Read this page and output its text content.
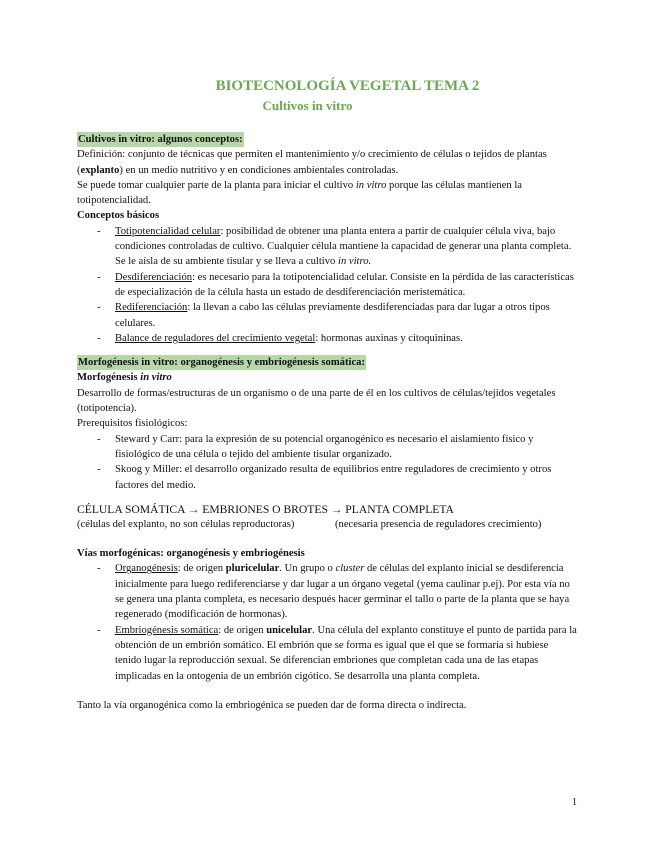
BIOTECNOLOGÍA VEGETAL TEMA 2
Cultivos in vitro

Cultivos in vitro: algunos conceptos:

Definición: conjunto de técnicas que permiten el mantenimiento y/o crecimiento de células o tejidos de plantas (explanto) en un medio nutritivo y en condiciones ambientales controladas.

Se puede tomar cualquier parte de la planta para iniciar el cultivo in vitro porque las células mantienen la totipotencialidad.

Conceptos básicos

- Totipotencialidad celular: posibilidad de obtener una planta entera a partir de cualquier célula viva, bajo condiciones controladas de cultivo. Cualquier célula mantiene la capacidad de generar una planta completa. Se le aísla de su ambiente tisular y se lleva a cultivo in vitro.
- Desdiferenciación: es necesario para la totipotencialidad celular. Consiste en la pérdida de las características de especialización de la célula hasta un estado de desdiferenciación meristemática.
- Rediferenciación: la llevan a cabo las células previamente desdiferenciadas para dar lugar a otros tipos celulares.
- Balance de reguladores del crecimiento vegetal: hormonas auxinas y citoquininas.

Morfogénesis in vitro: organogénesis y embriogénesis somática:

Morfogénesis in vitro

Desarrollo de formas/estructuras de un organismo o de una parte de él en los cultivos de células/tejidos vegetales (totipotencia).

Prerequisitos fisiológicos:

- Steward y Carr: para la expresión de su potencial organogénico es necesario el aislamiento físico y fisiológico de una célula o tejido del ambiente tisular organizado.
- Skoog y Miller: el desarrollo organizado resulta de equilibrios entre reguladores de crecimiento y otros factores del medio.

CÉLULA SOMÁTICA → EMBRIONES O BROTES → PLANTA COMPLETA

(células del explanto, no son células reproductoras)	(necesaria presencia de reguladores crecimiento)

Vías morfogénicas: organogénesis y embriogénesis

- Organogénesis: de origen pluricelular. Un grupo o cluster de células del explanto inicial se desdiferencia inicialmente para luego rediferenciarse y dar lugar a un órgano vegetal (yema caulinar p.ej). Por esta vía no se genera una planta completa, es necesario después hacer germinar el tallo o parte de la planta que se haya regenerado (modificación de hormonas).
- Embriogénesis somática: de origen unicelular. Una célula del explanto constituye el punto de partida para la obtención de un embrión somático. El embrión que se forma es igual que el que se formaría si hubiese tenido lugar la reproducción sexual. Se diferencian embriones que completan cada una de las etapas implicadas en la ontogenia de un embrión cigótico. Se desarrolla una planta completa.

Tanto la vía organogénica como la embriogénica se pueden dar de forma directa o indirecta.

1
